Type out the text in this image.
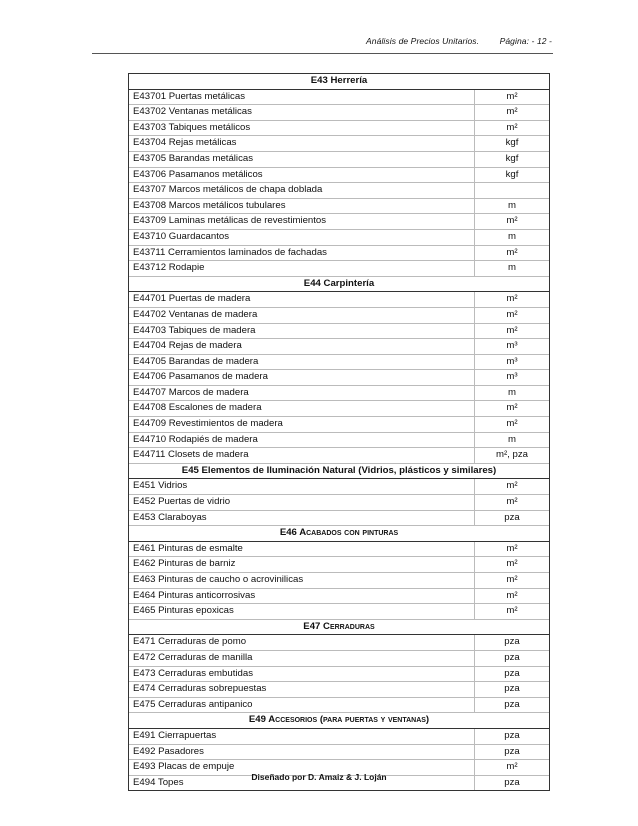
Análisis de Precios Unitarios. Página: - 12 -
E43 Herrería
E43701 Puertas metálicas	m²
E43702 Ventanas metálicas	m²
E43703 Tabiques metálicos	m²
E43704 Rejas metálicas	kgf
E43705 Barandas metálicas	kgf
E43706 Pasamanos metálicos	kgf
E43707 Marcos metálicos de chapa doblada
E43708 Marcos metálicos tubulares	m
E43709 Laminas metálicas de revestimientos	m²
E43710 Guardacantos	m
E43711 Cerramientos laminados de fachadas	m²
E43712 Rodapie	m
E44 Carpintería
E44701 Puertas de madera	m²
E44702 Ventanas de madera	m²
E44703 Tabiques de madera	m²
E44704 Rejas de madera	m³
E44705 Barandas de madera	m³
E44706 Pasamanos de madera	m³
E44707 Marcos de madera	m
E44708 Escalones de madera	m²
E44709 Revestimientos de madera	m²
E44710 Rodapiés de madera	m
E44711 Closets de madera	m², pza
E45 Elementos de Iluminación Natural (Vidrios, plásticos y similares)
E451 Vidrios	m²
E452 Puertas de vidrio	m²
E453 Claraboyas	pza
E46 Acabados con pinturas
E461 Pinturas de esmalte	m²
E462 Pinturas de barniz	m²
E463 Pinturas de caucho o acrovinilicas	m²
E464 Pinturas anticorrosivas	m²
E465 Pinturas epoxicas	m²
E47 Cerraduras
E471 Cerraduras de pomo	pza
E472 Cerraduras de manilla	pza
E473 Cerraduras embutidas	pza
E474 Cerraduras sobrepuestas	pza
E475 Cerraduras antipanico	pza
E49 Accesorios (para puertas y ventanas)
E491 Cierrapuertas	pza
E492 Pasadores	pza
E493 Placas de empuje	m²
E494 Topes	pza
Diseñado por D. Amaiz & J. Loján
